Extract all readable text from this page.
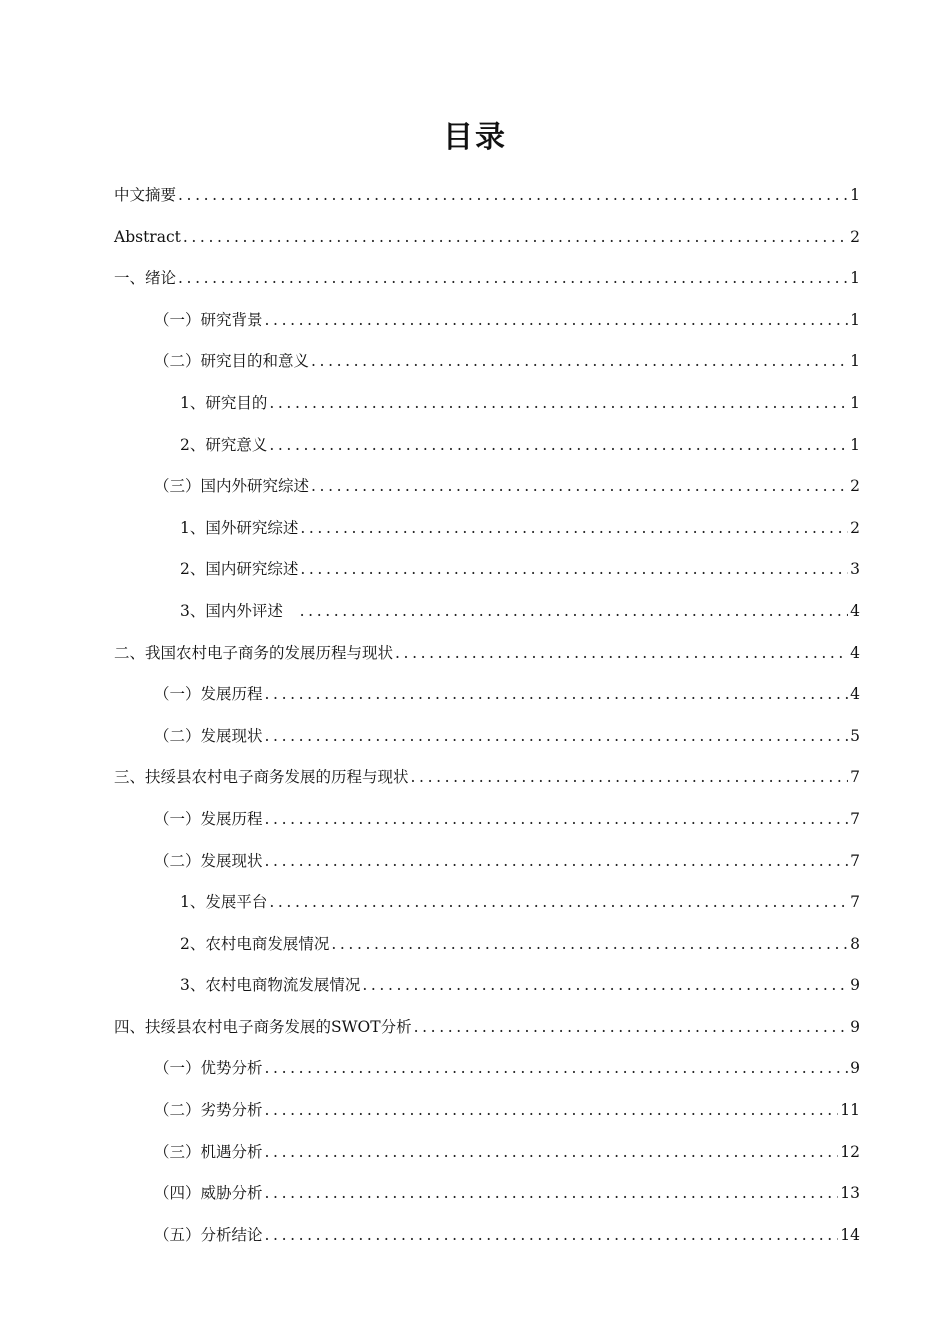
目录
中文摘要 .....	1
Abstract .....	2
一、绪论 .....	1
（一）研究背景 .....	1
（二）研究目的和意义 .....	1
1、研究目的 .....	1
2、研究意义 .....	1
（三）国内外研究综述 .....	2
1、国外研究综述 .....	2
2、国内研究综述 .....	3
3、国内外评述 .....	4
二、我国农村电子商务的发展历程与现状 .....	4
（一）发展历程 .....	4
（二）发展现状 .....	5
三、扶绥县农村电子商务发展的历程与现状 .....	7
（一）发展历程 .....	7
（二）发展现状 .....	7
1、发展平台 .....	7
2、农村电商发展情况 .....	8
3、农村电商物流发展情况 .....	9
四、扶绥县农村电子商务发展的SWOT分析 .....	9
（一）优势分析 .....	9
（二）劣势分析 .....	11
（三）机遇分析 .....	12
（四）威胁分析 .....	13
（五）分析结论 .....	14
